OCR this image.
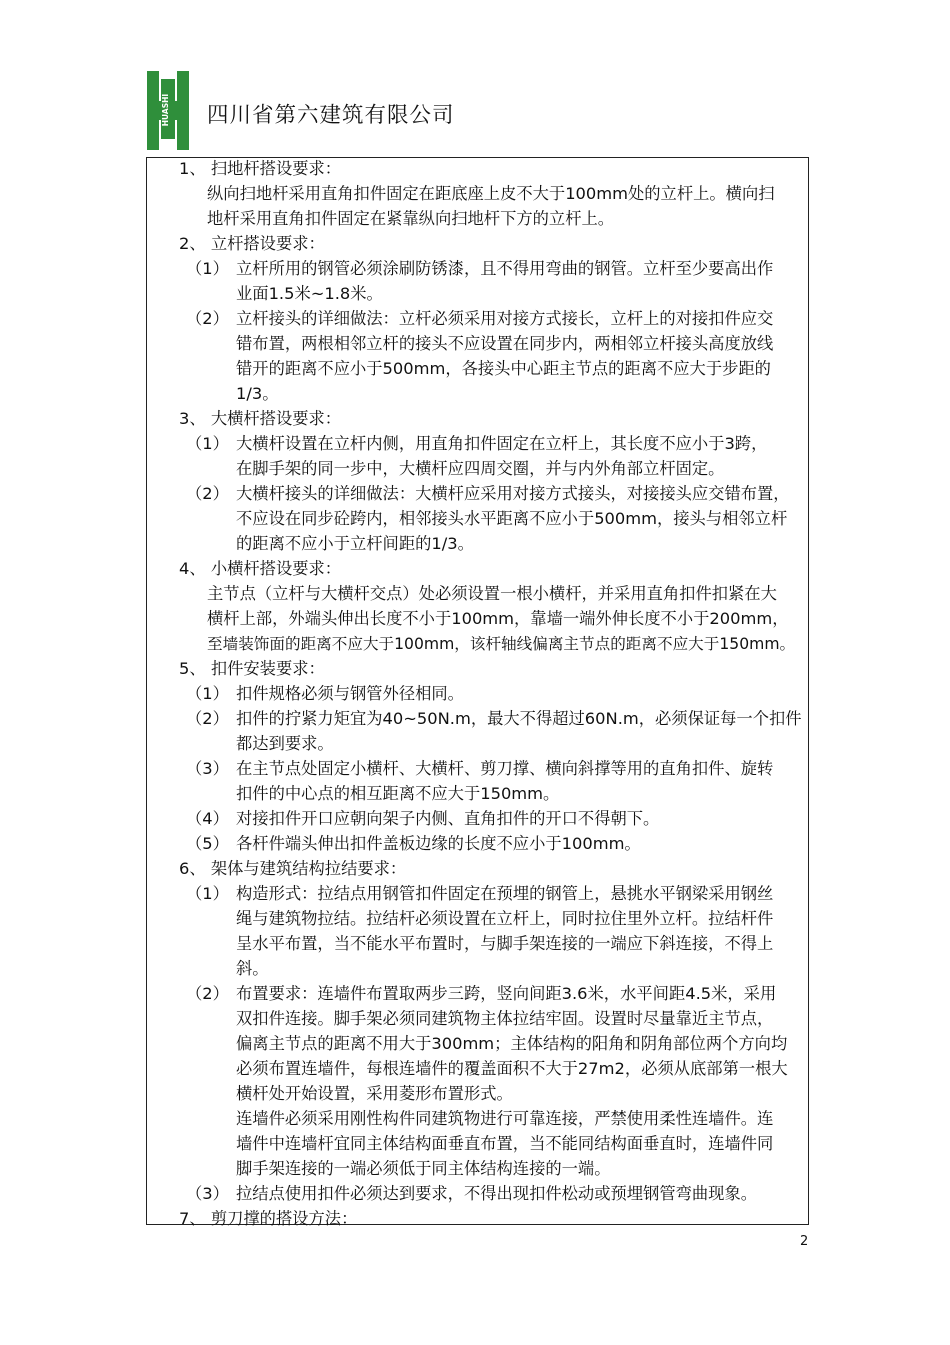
HUASHI 四川省第六建筑有限公司
1、 扫地杆搭设要求：
纵向扫地杆采用直角扣件固定在距底座上皮不大于100mm处的立杆上。横向扫
地杆采用直角扣件固定在紧靠纵向扫地杆下方的立杆上。
2、 立杆搭设要求：
（1） 立杆所用的钢管必须涂刷防锈漆，且不得用弯曲的钢管。立杆至少要高出作
业面1.5米~1.8米。
（2） 立杆接头的详细做法：立杆必须采用对接方式接长，立杆上的对接扣件应交
错布置，两根相邻立杆的接头不应设置在同步内，两相邻立杆接头高度放线
错开的距离不应小于500mm，各接头中心距主节点的距离不应大于步距的
1/3。
3、 大横杆搭设要求：
（1） 大横杆设置在立杆内侧，用直角扣件固定在立杆上，其长度不应小于3跨，
在脚手架的同一步中，大横杆应四周交圈，并与内外角部立杆固定。
（2） 大横杆接头的详细做法：大横杆应采用对接方式接头，对接接头应交错布置，
不应设在同步砼跨内，相邻接头水平距离不应小于500mm，接头与相邻立杆
的距离不应小于立杆间距的1/3。
4、 小横杆搭设要求：
主节点（立杆与大横杆交点）处必须设置一根小横杆，并采用直角扣件扣紧在大
横杆上部，外端头伸出长度不小于100mm，靠墙一端外伸长度不小于200mm，
至墙装饰面的距离不应大于100mm，该杆轴线偏离主节点的距离不应大于150mm。
5、 扣件安装要求：
（1） 扣件规格必须与钢管外径相同。
（2） 扣件的拧紧力矩宜为40~50N.m，最大不得超过60N.m，必须保证每一个扣件
都达到要求。
（3） 在主节点处固定小横杆、大横杆、剪刀撑、横向斜撑等用的直角扣件、旋转
扣件的中心点的相互距离不应大于150mm。
（4） 对接扣件开口应朝向架子内侧、直角扣件的开口不得朝下。
（5） 各杆件端头伸出扣件盖板边缘的长度不应小于100mm。
6、 架体与建筑结构拉结要求：
（1） 构造形式：拉结点用钢管扣件固定在预埋的钢管上，悬挑水平钢梁采用钢丝
绳与建筑物拉结。拉结杆必须设置在立杆上，同时拉住里外立杆。拉结杆件
呈水平布置，当不能水平布置时，与脚手架连接的一端应下斜连接，不得上
斜。
（2） 布置要求：连墙件布置取两步三跨，竖向间距3.6米，水平间距4.5米，采用
双扣件连接。脚手架必须同建筑物主体拉结牢固。设置时尽量靠近主节点，
偏离主节点的距离不用大于300mm；主体结构的阳角和阴角部位两个方向均
必须布置连墙件，每根连墙件的覆盖面积不大于27m2，必须从底部第一根大
横杆处开始设置，采用菱形布置形式。
连墙件必须采用刚性构件同建筑物进行可靠连接，严禁使用柔性连墙件。连
墙件中连墙杆宜同主体结构面垂直布置，当不能同结构面垂直时，连墙件同
脚手架连接的一端必须低于同主体结构连接的一端。
（3） 拉结点使用扣件必须达到要求，不得出现扣件松动或预埋钢管弯曲现象。
7、 剪刀撑的搭设方法：
2
